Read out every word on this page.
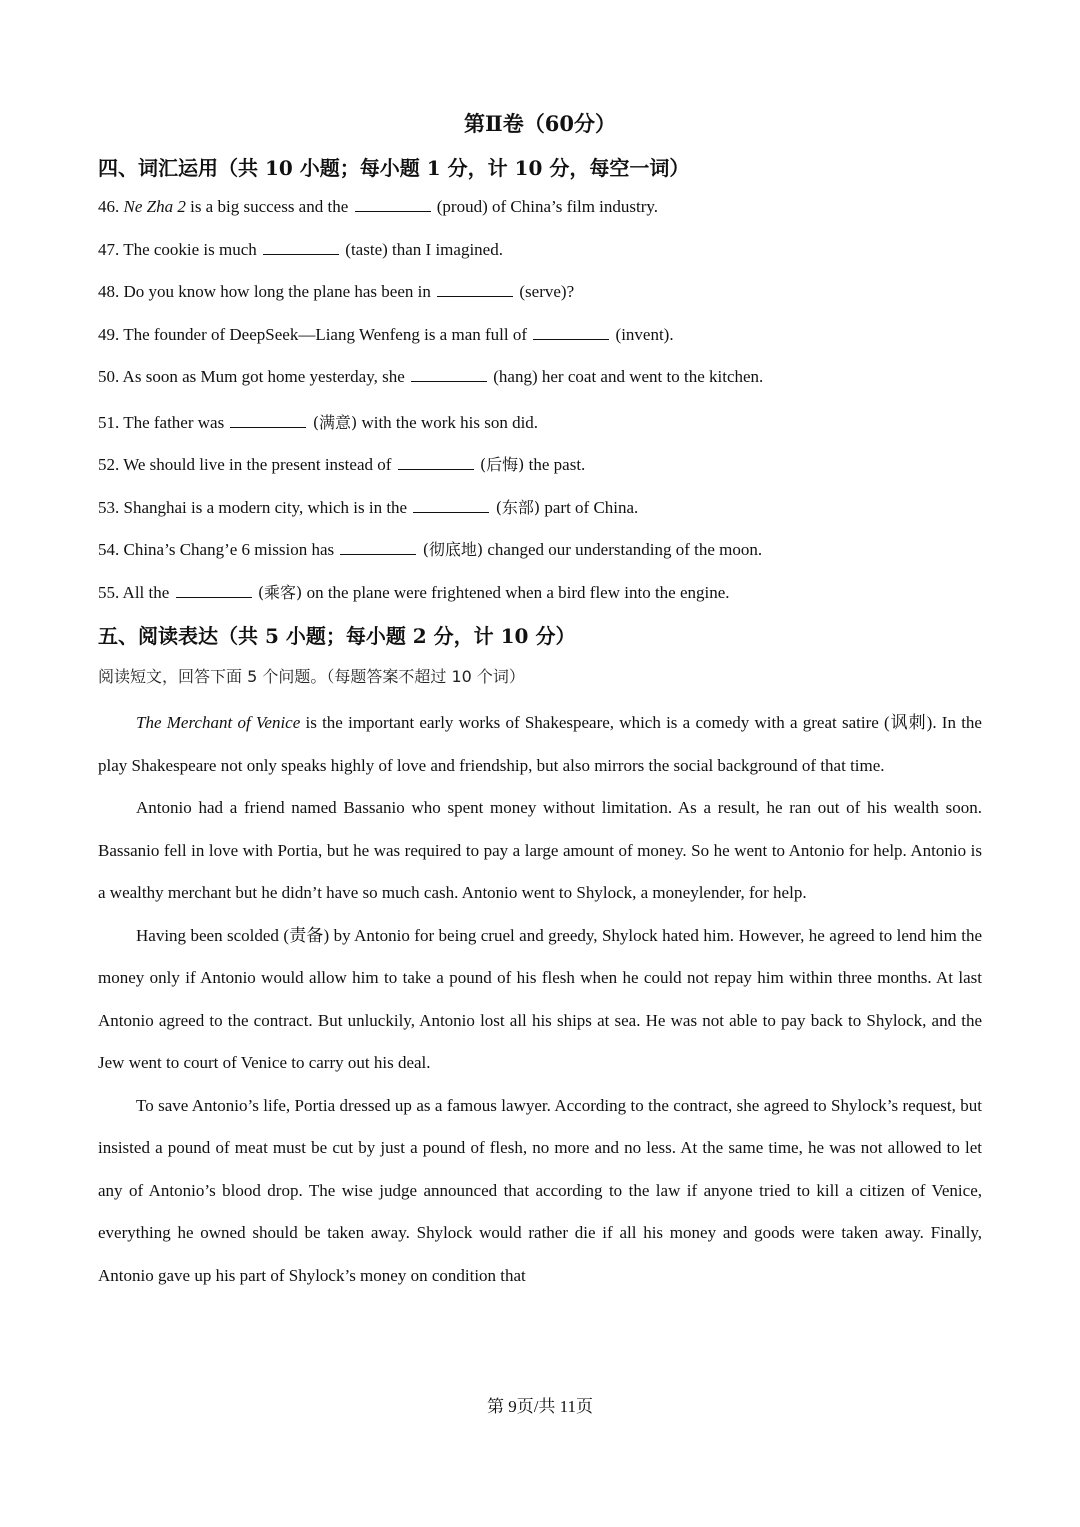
第Ⅱ卷（60分）
四、词汇运用（共 10 小题；每小题 1 分，计 10 分，每空一词）
46. Ne Zha 2 is a big success and the	(proud) of China’s film industry.
47. The cookie is much	(taste) than I imagined.
48. Do you know how long the plane has been in	(serve)?
49. The founder of DeepSeek—Liang Wenfeng is a man full of	(invent).
50. As soon as Mum got home yesterday, she	(hang) her coat and went to the kitchen.
51. The father was	(满意) with the work his son did.
52. We should live in the present instead of	(后悔) the past.
53. Shanghai is a modern city, which is in the	(东部) part of China.
54. China’s Chang’e 6 mission has	(彻底地) changed our understanding of the moon.
55. All the	(乘客) on the plane were frightened when a bird flew into the engine.
五、阅读表达（共 5 小题；每小题 2 分，计 10 分）
阅读短文，回答下面 5 个问题。（每题答案不超过 10 个词）

The Merchant of Venice is the important early works of Shakespeare, which is a comedy with a great satire (讽刺). In the play Shakespeare not only speaks highly of love and friendship, but also mirrors the social background of that time.

Antonio had a friend named Bassanio who spent money without limitation. As a result, he ran out of his wealth soon. Bassanio fell in love with Portia, but he was required to pay a large amount of money. So he went to Antonio for help. Antonio is a wealthy merchant but he didn’t have so much cash. Antonio went to Shylock, a moneylender, for help.

Having been scolded (责备) by Antonio for being cruel and greedy, Shylock hated him. However, he agreed to lend him the money only if Antonio would allow him to take a pound of his flesh when he could not repay him within three months. At last Antonio agreed to the contract. But unluckily, Antonio lost all his ships at sea. He was not able to pay back to Shylock, and the Jew went to court of Venice to carry out his deal.

To save Antonio’s life, Portia dressed up as a famous lawyer. According to the contract, she agreed to Shylock’s request, but insisted a pound of meat must be cut by just a pound of flesh, no more and no less. At the same time, he was not allowed to let any of Antonio’s blood drop. The wise judge announced that according to the law if anyone tried to kill a citizen of Venice, everything he owned should be taken away. Shylock would rather die if all his money and goods were taken away. Finally, Antonio gave up his part of Shylock’s money on condition that

第 9页/共 11页
